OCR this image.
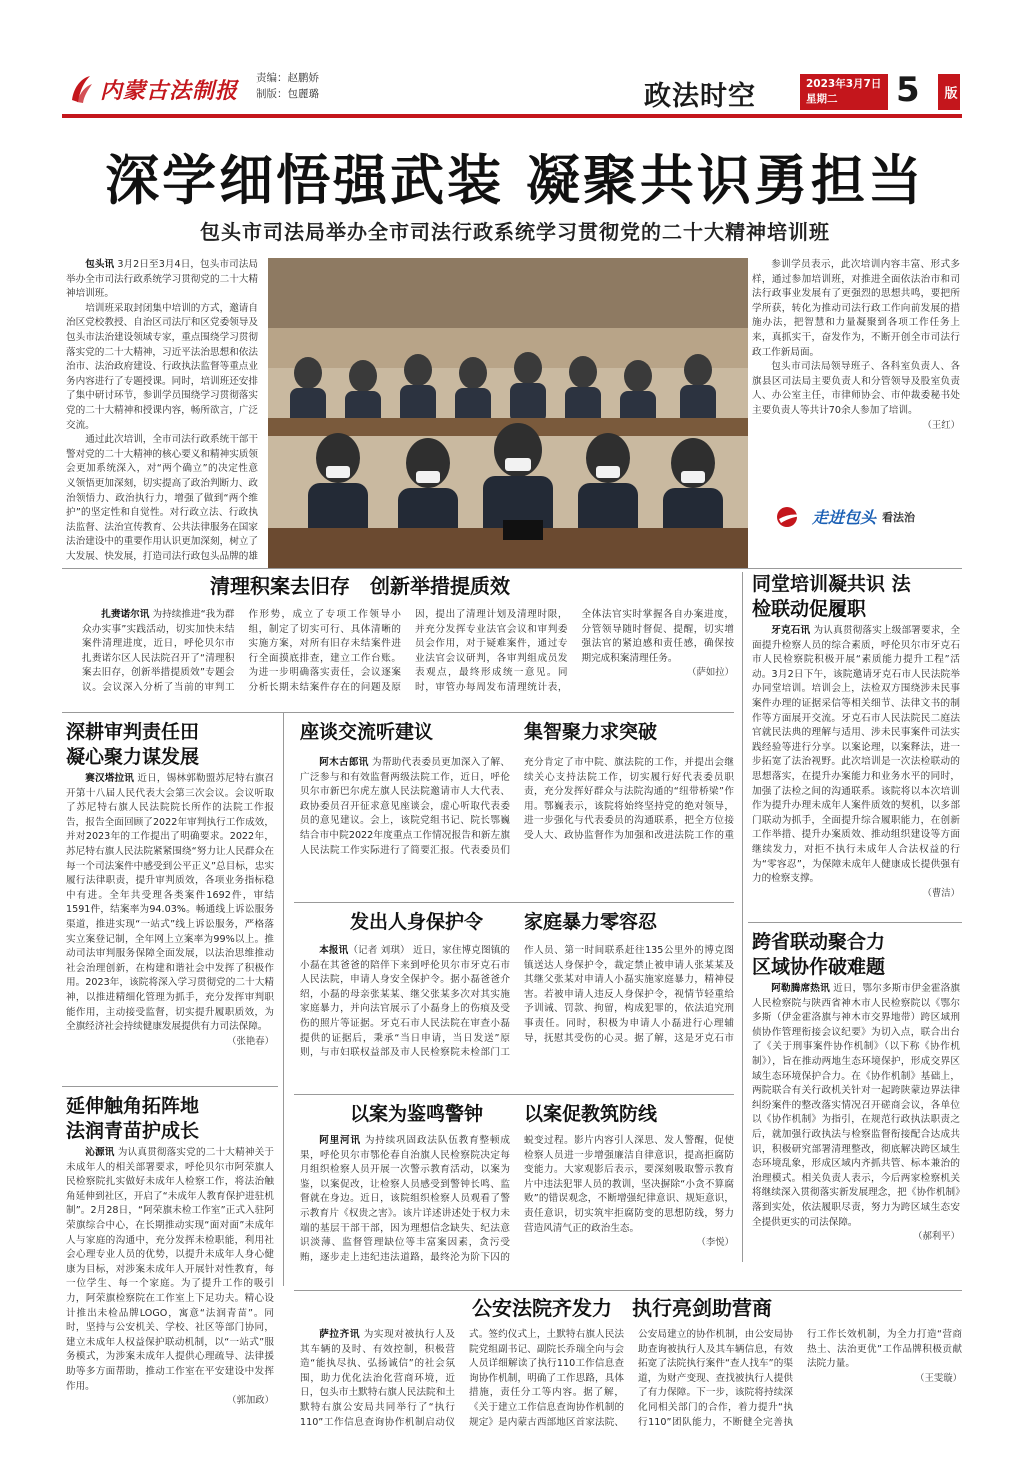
内蒙古法制报 责编：赵鹏娇
制版：包麗璐	政法时空	2023年3月7日
星期二	5 版
深学细悟强武装 凝聚共识勇担当
包头市司法局举办全市司法行政系统学习贯彻党的二十大精神培训班

包头讯 3月2日至3月4日，包头市司法局举办全市司法行政系统学习贯彻党的二十大精神培训班。

培训班采取封闭集中培训的方式，邀请自治区党校教授、自治区司法厅和区党委领导及包头市法治建设领域专家，重点围绕学习贯彻落实党的二十大精神，习近平法治思想和依法治市、法治政府建设、行政执法监督等重点业务内容进行了专题授课。同时，培训班还安排了集中研讨环节，参训学员围绕学习贯彻落实党的二十大精神和授课内容，畅所欲言，广泛交流。

通过此次培训，全市司法行政系统干部干警对党的二十大精神的核心要义和精神实质领会更加系统深入，对“两个确立”的决定性意义领悟更加深刻，切实提高了政治判断力、政治领悟力、政治执行力，增强了做到“两个维护”的坚定性和自觉性。对行政立法、行政执法监督、法治宣传教育、公共法律服务在国家法治建设中的重要作用认识更加深刻，树立了大发展、快发展，打造司法行政包头品牌的雄

参训学员表示，此次培训内容丰富、形式多样，通过参加培训班，对推进全面依法治市和司法行政事业发展有了更强烈的思想共鸣，要把所学所获，转化为推动司法行政工作向前发展的措施办法，把智慧和力量凝聚到各项工作任务上来，真抓实干，奋发作为，不断开创全市司法行政工作新局面。

包头市司法局领导班子、各科室负责人、各旗县区司法局主要负责人和分管领导及股室负责人、办公室主任，市律师协会、市仲裁委秘书处主要负责人等共计70余人参加了培训。

（王红）
走进包头 看法治
清理积案去旧存　创新举措提质效

扎赉诺尔讯 为持续推进“我为群众办实事”实践活动，切实加快未结案件清理进度，近日，呼伦贝尔市扎赉诺尔区人民法院召开了“清理积案去旧存，创新举措提质效”专题会议。会议深入分析了当前的审判工作形势，成立了专项工作领导小组，制定了切实可行、具体清晰的实施方案，对所有旧存未结案件进行全面摸底排查，建立工作台账。为进一步明确落实责任，会议逐案分析长期未结案件存在的问题及原因，提出了清理计划及清理时限，并充分发挥专业法官会议和审判委员会作用，对于疑难案件，通过专业法官会议研判，各审判组成员发表观点，最终形成统一意见。同时，审管办每周发布清理统计表，全体法官实时掌握各自办案进度，分管领导随时督促、提醒，切实增强法官的紧迫感和责任感，确保按期完成积案清理任务。

（萨如拉）
同堂培训凝共识 法检联动促履职

牙克石讯 为认真贯彻落实上级部署要求，全面提升检察人员的综合素质，呼伦贝尔市牙克石市人民检察院积极开展“素质能力提升工程”活动。3月2日下午，该院邀请牙克石市人民法院举办同堂培训。培训会上，法检双方围绕涉未民事案件办理的证据采信等相关细节、法律文书的制作等方面展开交流。牙克石市人民法院民二庭法官就民法典的理解与适用、涉未民事案件司法实践经验等进行分享。以案论理，以案释法，进一步拓宽了法治视野。此次培训是一次法检联动的思想落实，在提升办案能力和业务水平的同时，加强了法检之间的沟通联系。该院将以本次培训作为提升办理未成年人案件质效的契机，以多部门联动为抓手，全面提升综合履职能力，在创新工作举措、提升办案质效、推动组织建设等方面继续发力，对拒不执行未成年人合法权益的行为“零容忍”，为保障未成年人健康成长提供强有力的检察支撑。

（曹洁）
深耕审判责任田
凝心聚力谋发展

赛汉塔拉讯 近日，锡林郭勒盟苏尼特右旗召开第十八届人民代表大会第三次会议。会议听取了苏尼特右旗人民法院院长所作的法院工作报告，报告全面回顾了2022年审判执行工作成效，并对2023年的工作提出了明确要求。2022年，苏尼特右旗人民法院紧紧围绕“努力让人民群众在每一个司法案件中感受到公平正义”总目标，忠实履行法律职责，提升审判质效，各项业务指标稳中有进。全年共受理各类案件1692件，审结1591件，结案率为94.03%。畅通线上诉讼服务渠道，推进实现“一站式”线上诉讼服务，严格落实立案登记制，全年网上立案率为99%以上。推动司法审判服务保障全面发展，以法治思维推动社会治理创新，在构建和谐社会中发挥了积极作用。2023年，该院将深入学习贯彻党的二十大精神，以推进精细化管理为抓手，充分发挥审判职能作用，主动接受监督，切实提升履职质效，为全旗经济社会持续健康发展提供有力司法保障。

（张艳春）
座谈交流听建议	集智聚力求突破

阿木古郎讯 为帮助代表委员更加深入了解、广泛参与和有效监督两级法院工作，近日，呼伦贝尔市新巴尔虎左旗人民法院邀请市人大代表、政协委员召开征求意见座谈会，虚心听取代表委员的意见建议。会上，该院党组书记、院长鄂巍结合市中院2022年度重点工作情况报告和新左旗人民法院工作实际进行了简要汇报。代表委员们充分肯定了市中院、旗法院的工作，并提出会继续关心支持法院工作，切实履行好代表委员职责，充分发挥好群众与法院沟通的“纽带桥梁”作用。鄂巍表示，该院将始终坚持党的绝对领导，进一步强化与代表委员的沟通联系，把全方位接受人大、政协监督作为加强和改进法院工作的重

发出人身保护令 家庭暴力零容忍

本报讯（记者 刘琪） 近日，家住博克图镇的小磊在其爸爸的陪伴下来到呼伦贝尔市牙克石市人民法院，申请人身安全保护令。据小磊爸爸介绍，小磊的母亲张某某、继父张某多次对其实施家庭暴力，并向法官展示了小磊身上的伤痕及受伤的照片等证据。牙克石市人民法院在审查小磊提供的证据后，秉承“当日申请，当日发送”原则，与市妇联权益部及市人民检察院未检部门工作人员、第一时间联系赶往135公里外的博克图镇送达人身保护令，裁定禁止被申请人张某某及其继父张某对申请人小磊实施家庭暴力，精神侵害。若被申请人违反人身保护令，视情节轻重给予训诫、罚款、拘留，构成犯罪的，依法追究刑事责任。同时，积极为申请人小磊进行心理辅导，抚慰其受伤的心灵。据了解，这是牙克石市

延伸触角拓阵地
法润青苗护成长

沁源讯 为认真贯彻落实党的二十大精神关于未成年人的相关部署要求，呼伦贝尔市阿荣旗人民检察院扎实做好未成年人检察工作，将法治触角延伸到社区，开启了“未成年人教育保护进驻机制”。2月28日，“阿荣旗未检工作室”正式入驻阿荣旗综合中心，在长期推动实现“面对面”未成年人与家庭的沟通中，充分发挥未检职能，利用社会心理专业人员的优势，以提升未成年人身心健康为目标，对涉案未成年人开展针对性教育，每一位学生、每一个家庭。为了提升工作的吸引力，阿荣旗检察院在工作室上下足功夫。精心设计推出未检品牌LOGO，寓意“法润青苗”。同时，坚持与公安机关、学校、社区等部门协同，建立未成年人权益保护联动机制，以“一站式”服务模式，为涉案未成年人提供心理疏导、法律援助等多方面帮助，推动工作室在平安建设中发挥作用。

（郭加政）
以案为鉴鸣警钟 以案促教筑防线

阿里河讯 为持续巩固政法队伍教育整顿成果，呼伦贝尔市鄂伦春自治旗人民检察院决定每月组织检察人员开展一次警示教育活动，以案为鉴，以案促改，让检察人员感受到警钟长鸣、监督就在身边。近日，该院组织检察人员观看了警示教育片《权贵之害》。该片详述讲述处于权力未端的基层干部干部，因为理想信念缺失、纪法意识淡薄、监督管理缺位等丰富案因素，贪污受贿，逐步走上违纪违法道路，最终沦为阶下囚的蜕变过程。影片内容引人深思、发人警醒，促使检察人员进一步增强廉洁自律意识，提高拒腐防变能力。大家观影后表示，要深刻吸取警示教育片中违法犯罪人员的教训，坚决摒除“小贪不算腐败”的错误观念，不断增强纪律意识、规矩意识，责任意识，切实筑牢拒腐防变的思想防线，努力营造风清气正的政治生态。

（李悦）
跨省联动聚合力
区域协作破难题

阿勒腾席热讯 近日，鄂尔多斯市伊金霍洛旗人民检察院与陕西省神木市人民检察院以《鄂尔多斯（伊金霍洛旗与神木市交界地带）跨区域刑侦协作管理衔接会议纪要》为切入点，联合出台了《关于刑事案件协作机制》（以下称《协作机制》），旨在推动两地生态环境保护，形成交界区域生态环境保护合力。在《协作机制》基础上，两院联合有关行政机关针对一起跨陕蒙边界法律纠纷案件的整改落实情况召开磋商会议，各单位以《协作机制》为指引，在规范行政执法职责之后，就加强行政执法与检察监督衔接配合达成共识，积极研究部署清理整改，彻底解决跨区域生态环境乱象，形成区域内齐抓共管、标本兼治的治理模式。相关负责人表示，今后两家检察机关将继续深入贯彻落实新发展理念，把《协作机制》落到实处，依法履职尽责，努力为跨区域生态安全提供更实的司法保障。

（郝利平）
公安法院齐发力　执行亮剑助营商

萨拉齐讯 为实现对被执行人及其车辆的及时、有效控制，积极营造“能执尽执、弘扬诚信”的社会氛围，助力优化法治化营商环境，近日，包头市土默特右旗人民法院和土默特右旗公安局共同举行了“执行110”工作信息查询协作机制启动仪式。签约仪式上，土默特右旗人民法院党组副书记、副院长乔瑞全向与会人员详细解读了执行110工作信息查询协作机制，明确了工作思路，具体措施，责任分工等内容。据了解，《关于建立工作信息查询协作机制的规定》是内蒙古西部地区首家法院、公安局建立的协作机制，由公安局协助查询被执行人及其车辆信息，有效拓宽了法院执行案件“查人找车”的渠道，为财产变现、查找被执行人提供了有力保障。下一步，该院将持续深化同相关部门的合作，着力提升“执行110”团队能力，不断健全完善执行工作长效机制，为全力打造“营商热土、法治更优”工作品牌积极贡献法院力量。

（王雯璇）
